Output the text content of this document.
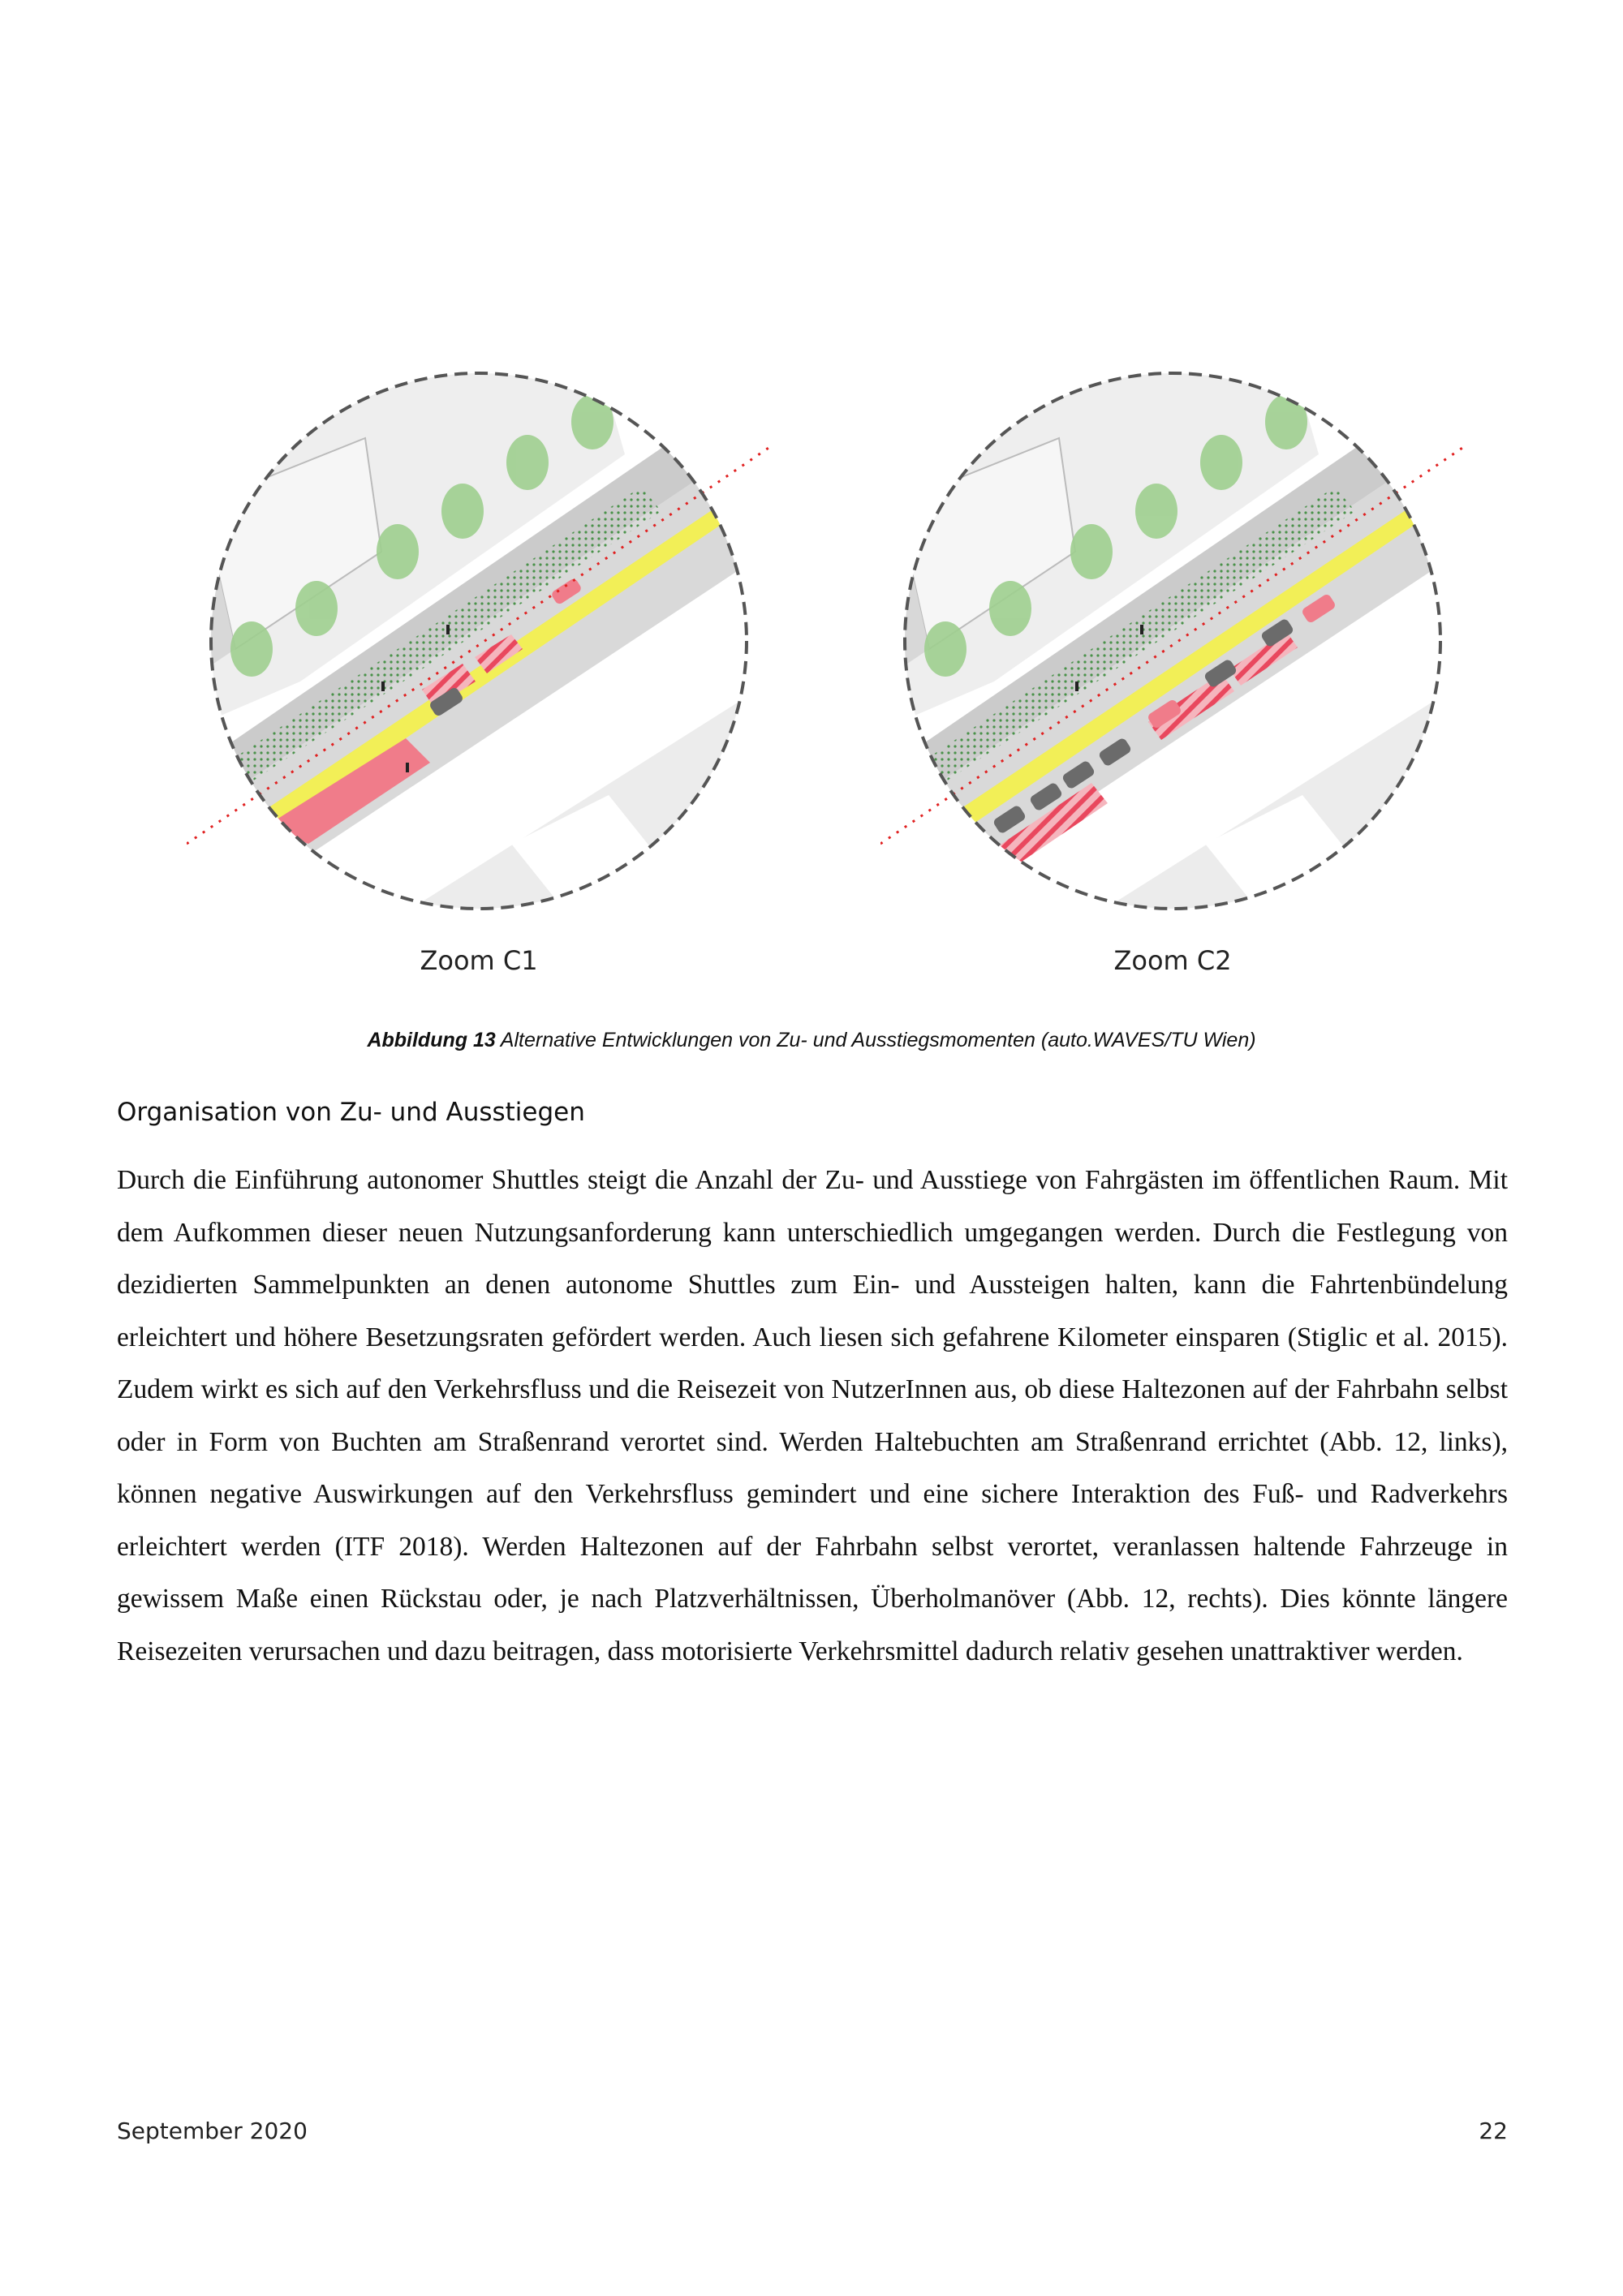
Zoom C1	Zoom C2
Abbildung 13 Alternative Entwicklungen von Zu- und Ausstiegsmomenten (auto.WAVES/TU Wien)
Organisation von Zu- und Ausstiegen
Durch die Einführung autonomer Shuttles steigt die Anzahl der Zu- und Ausstiege von Fahrgästen im öffentlichen Raum. Mit dem Aufkommen dieser neuen Nutzungsanforderung kann unterschiedlich umgegangen werden. Durch die Festlegung von dezidierten Sammelpunkten an denen autonome Shuttles zum Ein- und Aussteigen halten, kann die Fahrtenbündelung erleichtert und höhere Besetzungsraten gefördert werden. Auch liesen sich gefahrene Kilometer einsparen (Stiglic et al. 2015). Zudem wirkt es sich auf den Verkehrsfluss und die Reisezeit von NutzerInnen aus, ob diese Haltezonen auf der Fahrbahn selbst oder in Form von Buchten am Straßenrand verortet sind. Werden Haltebuchten am Straßenrand errichtet (Abb. 12, links), können negative Auswirkungen auf den Verkehrsfluss gemindert und eine sichere Interaktion des Fuß- und Radverkehrs erleichtert werden (ITF 2018). Werden Haltezonen auf der Fahrbahn selbst verortet, veranlassen haltende Fahrzeuge in gewissem Maße einen Rückstau oder, je nach Platzverhältnissen, Überholmanöver (Abb. 12, rechts). Dies könnte längere Reisezeiten verursachen und dazu beitragen, dass motorisierte Verkehrsmittel dadurch relativ gesehen unattraktiver werden.
September 2020	22
